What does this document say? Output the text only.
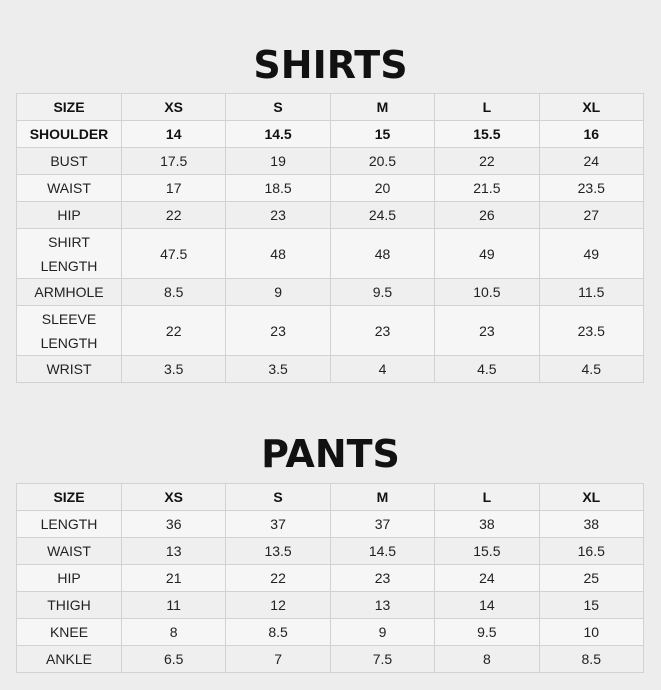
SHIRTS
SIZE	XS	S	M	L	XL
SHOULDER	14	14.5	15	15.5	16
BUST	17.5	19	20.5	22	24
WAIST	17	18.5	20	21.5	23.5
HIP	22	23	24.5	26	27
SHIRT
LENGTH	47.5	48	48	49	49
ARMHOLE	8.5	9	9.5	10.5	11.5
SLEEVE
LENGTH	22	23	23	23	23.5
WRIST	3.5	3.5	4	4.5	4.5
PANTS
SIZE	XS	S	M	L	XL
LENGTH	36	37	37	38	38
WAIST	13	13.5	14.5	15.5	16.5
HIP	21	22	23	24	25
THIGH	11	12	13	14	15
KNEE	8	8.5	9	9.5	10
ANKLE	6.5	7	7.5	8	8.5
